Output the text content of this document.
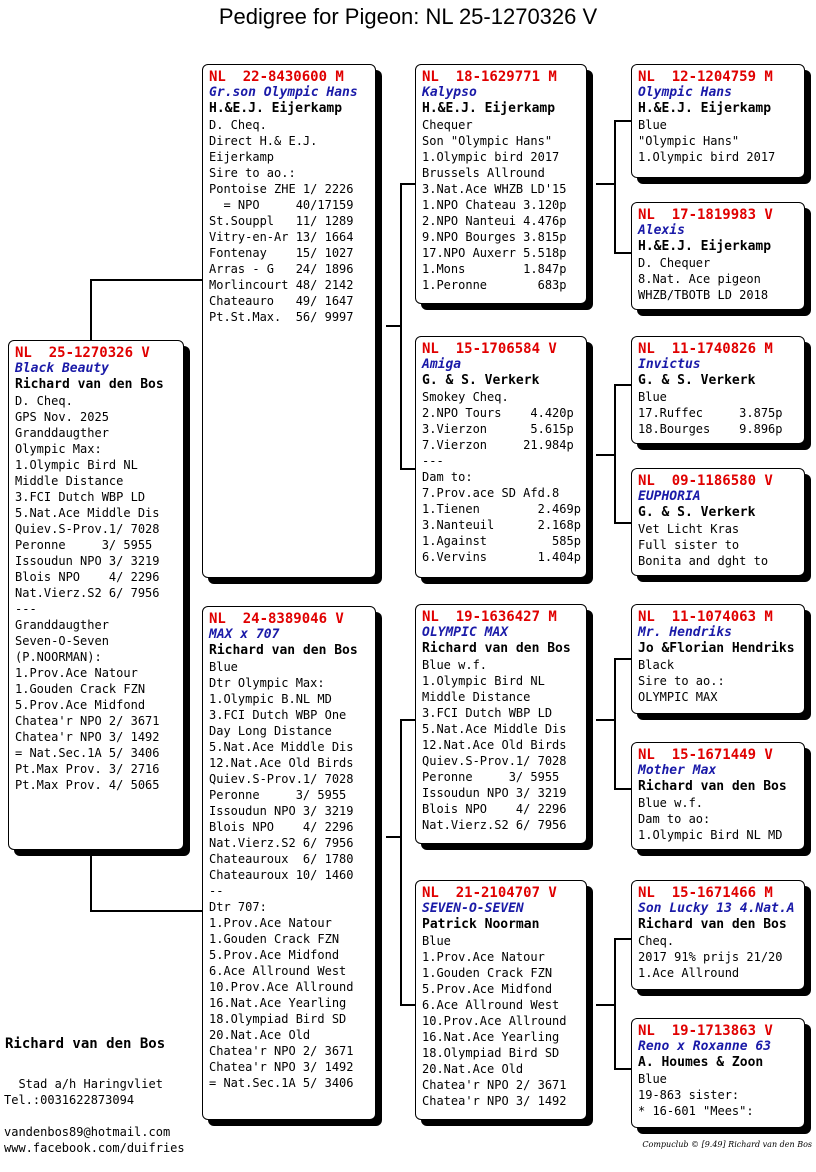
Pedigree for Pigeon: NL 25-1270326 V
NL  25-1270326 V
Black Beauty
Richard van den Bos
D. Cheq.
GPS Nov. 2025
Granddaugther
Olympic Max:
1.Olympic Bird NL
Middle Distance
3.FCI Dutch WBP LD
5.Nat.Ace Middle Dis
Quiev.S-Prov.1/ 7028
Peronne     3/ 5955
Issoudun NPO 3/ 3219
Blois NPO    4/ 2296
Nat.Vierz.S2 6/ 7956
---
Granddaugther
Seven-O-Seven
(P.NOORMAN):
1.Prov.Ace Natour
1.Gouden Crack FZN
5.Prov.Ace Midfond
Chatea'r NPO 2/ 3671
Chatea'r NPO 3/ 1492
= Nat.Sec.1A 5/ 3406
Pt.Max Prov. 3/ 2716
Pt.Max Prov. 4/ 5065
NL  22-8430600 M
Gr.son Olympic Hans
H.&E.J. Eijerkamp
D. Cheq.
Direct H.& E.J.
Eijerkamp
Sire to ao.:
Pontoise ZHE 1/ 2226
= NPO     40/17159
St.Souppl   11/ 1289
Vitry-en-Ar 13/ 1664
Fontenay    15/ 1027
Arras - G   24/ 1896
Morlincourt 48/ 2142
Chateauro   49/ 1647
Pt.St.Max.  56/ 9997
NL  24-8389046 V
MAX x 707
Richard van den Bos
Blue
Dtr Olympic Max:
1.Olympic B.NL MD
3.FCI Dutch WBP One
Day Long Distance
5.Nat.Ace Middle Dis
12.Nat.Ace Old Birds
Quiev.S-Prov.1/ 7028
Peronne     3/ 5955
Issoudun NPO 3/ 3219
Blois NPO    4/ 2296
Nat.Vierz.S2 6/ 7956
Chateauroux  6/ 1780
Chateauroux 10/ 1460
--
Dtr 707:
1.Prov.Ace Natour
1.Gouden Crack FZN
5.Prov.Ace Midfond
6.Ace Allround West
10.Prov.Ace Allround
16.Nat.Ace Yearling
18.Olympiad Bird SD
20.Nat.Ace Old
Chatea'r NPO 2/ 3671
Chatea'r NPO 3/ 1492
= Nat.Sec.1A 5/ 3406
NL  18-1629771 M
Kalypso
H.&E.J. Eijerkamp
Chequer
Son "Olympic Hans"
1.Olympic bird 2017
Brussels Allround
3.Nat.Ace WHZB LD'15
1.NPO Chateau 3.120p
2.NPO Nanteui 4.476p
9.NPO Bourges 3.815p
17.NPO Auxerr 5.518p
1.Mons        1.847p
1.Peronne       683p
NL  15-1706584 V
Amiga
G. & S. Verkerk
Smokey Cheq.
2.NPO Tours    4.420p
3.Vierzon      5.615p
7.Vierzon     21.984p
---
Dam to:
7.Prov.ace SD Afd.8
1.Tienen        2.469p
3.Nanteuil      2.168p
1.Against         585p
6.Vervins       1.404p
NL  19-1636427 M
OLYMPIC MAX
Richard van den Bos
Blue w.f.
1.Olympic Bird NL
Middle Distance
3.FCI Dutch WBP LD
5.Nat.Ace Middle Dis
12.Nat.Ace Old Birds
Quiev.S-Prov.1/ 7028
Peronne     3/ 5955
Issoudun NPO 3/ 3219
Blois NPO    4/ 2296
Nat.Vierz.S2 6/ 7956
NL  21-2104707 V
SEVEN-O-SEVEN
Patrick Noorman
Blue
1.Prov.Ace Natour
1.Gouden Crack FZN
5.Prov.Ace Midfond
6.Ace Allround West
10.Prov.Ace Allround
16.Nat.Ace Yearling
18.Olympiad Bird SD
20.Nat.Ace Old
Chatea'r NPO 2/ 3671
Chatea'r NPO 3/ 1492
NL  12-1204759 M
Olympic Hans
H.&E.J. Eijerkamp
Blue
"Olympic Hans"
1.Olympic bird 2017
NL  17-1819983 V
Alexis
H.&E.J. Eijerkamp
D. Chequer
8.Nat. Ace pigeon
WHZB/TBOTB LD 2018
NL  11-1740826 M
Invictus
G. & S. Verkerk
Blue
17.Ruffec     3.875p
18.Bourges    9.896p
NL  09-1186580 V
EUPHORIA
G. & S. Verkerk
Vet Licht Kras
Full sister to
Bonita and dght to
NL  11-1074063 M
Mr. Hendriks
Jo &Florian Hendriks
Black
Sire to ao.:
OLYMPIC MAX
NL  15-1671449 V
Mother Max
Richard van den Bos
Blue w.f.
Dam to ao:
1.Olympic Bird NL MD
NL  15-1671466 M
Son Lucky 13 4.Nat.A
Richard van den Bos
Cheq.
2017 91% prijs 21/20
1.Ace Allround
NL  19-1713863 V
Reno x Roxanne 63
A. Houmes & Zoon
Blue
19-863 sister:
* 16-601 "Mees":
Richard van den Bos
Stad a/h Haringvliet
Tel.:0031622873094
vandenbos89@hotmail.com
www.facebook.com/duifries	Compuclub © [9.49] Richard van den Bos
